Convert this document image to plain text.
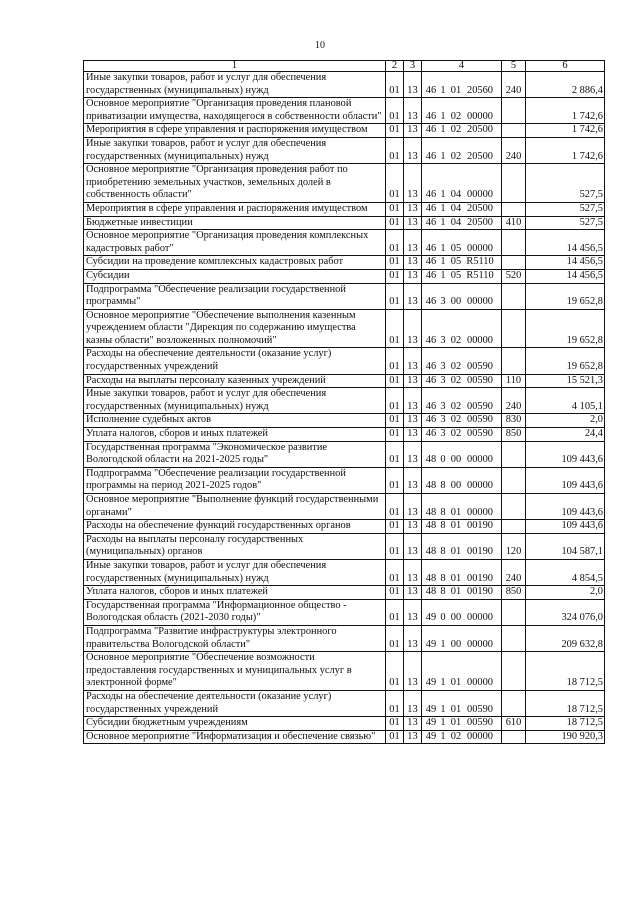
10
1	2	3	4	5	6
Иные закупки товаров, работ и услуг для обеспечения государственных (муниципальных) нужд	01	13	46 1 01 20560	240	2 886,4
Основное мероприятие "Организация проведения плановой приватизации имущества, находящегося в собственности области"	01	13	46 1 02 00000		1 742,6
Мероприятия в сфере управления и распоряжения имуществом	01	13	46 1 02 20500		1 742,6
Иные закупки товаров, работ и услуг для обеспечения государственных (муниципальных) нужд	01	13	46 1 02 20500	240	1 742,6
Основное мероприятие "Организация проведения работ по приобретению земельных участков, земельных долей в собственность области"	01	13	46 1 04 00000		527,5
Мероприятия в сфере управления и распоряжения имуществом	01	13	46 1 04 20500		527,5
Бюджетные инвестиции	01	13	46 1 04 20500	410	527,5
Основное мероприятие "Организация проведения комплексных кадастровых работ"	01	13	46 1 05 00000		14 456,5
Субсидии на проведение комплексных кадастровых работ	01	13	46 1 05 R5110		14 456,5
Субсидии	01	13	46 1 05 R5110	520	14 456,5
Подпрограмма "Обеспечение реализации государственной программы"	01	13	46 3 00 00000		19 652,8
Основное мероприятие "Обеспечение выполнения казенным учреждением области "Дирекция по содержанию имущества казны области" возложенных полномочий"	01	13	46 3 02 00000		19 652,8
Расходы на обеспечение деятельности (оказание услуг) государственных учреждений	01	13	46 3 02 00590		19 652,8
Расходы на выплаты персоналу казенных учреждений	01	13	46 3 02 00590	110	15 521,3
Иные закупки товаров, работ и услуг для обеспечения государственных (муниципальных) нужд	01	13	46 3 02 00590	240	4 105,1
Исполнение судебных актов	01	13	46 3 02 00590	830	2,0
Уплата налогов, сборов и иных платежей	01	13	46 3 02 00590	850	24,4
Государственная программа "Экономическое развитие Вологодской области на 2021-2025 годы"	01	13	48 0 00 00000		109 443,6
Подпрограмма "Обеспечение реализации государственной программы на период 2021-2025 годов"	01	13	48 8 00 00000		109 443,6
Основное мероприятие "Выполнение функций государственными органами"	01	13	48 8 01 00000		109 443,6
Расходы на обеспечение функций государственных органов	01	13	48 8 01 00190		109 443,6
Расходы на выплаты персоналу государственных (муниципальных) органов	01	13	48 8 01 00190	120	104 587,1
Иные закупки товаров, работ и услуг для обеспечения государственных (муниципальных) нужд	01	13	48 8 01 00190	240	4 854,5
Уплата налогов, сборов и иных платежей	01	13	48 8 01 00190	850	2,0
Государственная программа "Информационное общество - Вологодская область (2021-2030 годы)"	01	13	49 0 00 00000		324 076,0
Подпрограмма "Развитие инфраструктуры электронного правительства Вологодской области"	01	13	49 1 00 00000		209 632,8
Основное мероприятие "Обеспечение возможности предоставления государственных и муниципальных услуг в электронной форме"	01	13	49 1 01 00000		18 712,5
Расходы на обеспечение деятельности (оказание услуг) государственных учреждений	01	13	49 1 01 00590		18 712,5
Субсидии бюджетным учреждениям	01	13	49 1 01 00590	610	18 712,5
Основное мероприятие "Информатизация и обеспечение связью"	01	13	49 1 02 00000		190 920,3
